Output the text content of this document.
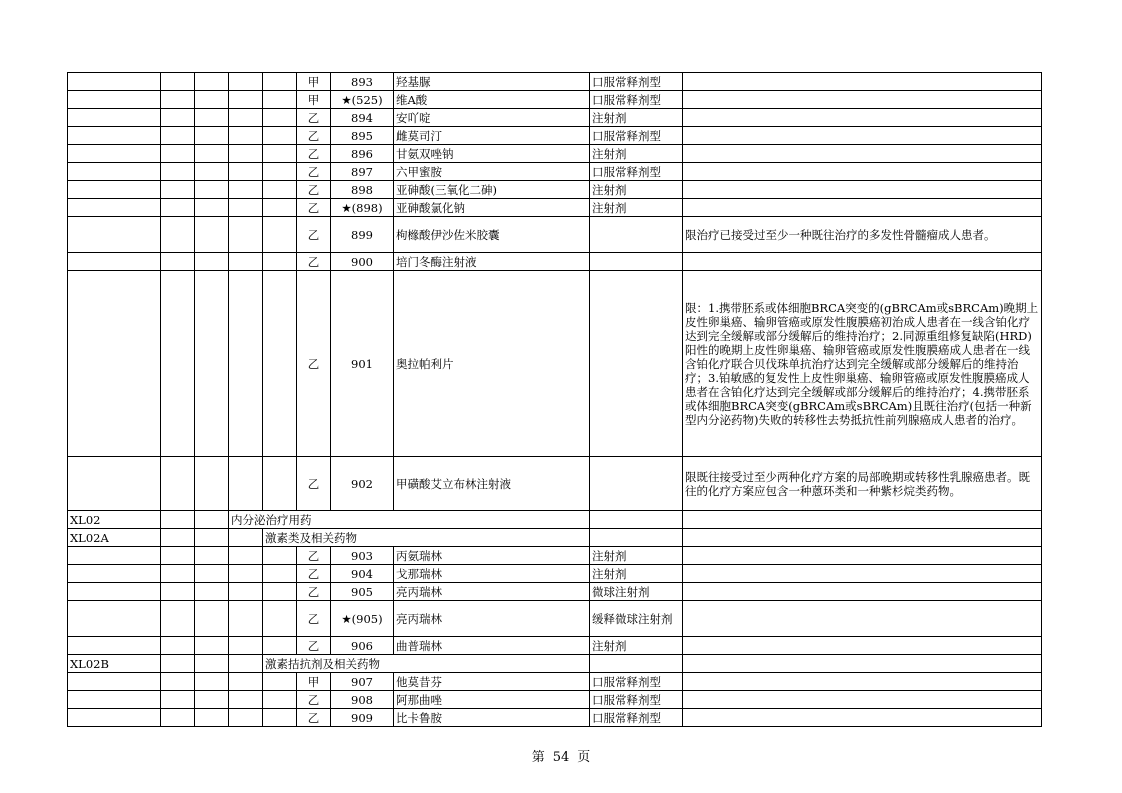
					甲	893	羟基脲	口服常释剂型		
					甲	★(525)	维A酸	口服常释剂型		
					乙	894	安吖啶	注射剂		
					乙	895	雌莫司汀	口服常释剂型		
					乙	896	甘氨双唑钠	注射剂		
					乙	897	六甲蜜胺	口服常释剂型		
					乙	898	亚砷酸(三氧化二砷)	注射剂		
					乙	★(898)	亚砷酸氯化钠	注射剂		
					乙	899	枸橼酸伊沙佐米胶囊		限治疗已接受过至少一种既往治疗的多发性骨髓瘤成人患者。	
					乙	900	培门冬酶注射液			
					乙	901	奥拉帕利片		限：1.携带胚系或体细胞BRCA突变的(gBRCAm或sBRCAm)晚期上皮性卵巢癌、输卵管癌或原发性腹膜癌初治成人患者在一线含铂化疗达到完全缓解或部分缓解后的维持治疗；2.同源重组修复缺陷(HRD)阳性的晚期上皮性卵巢癌、输卵管癌或原发性腹膜癌成人患者在一线含铂化疗联合贝伐珠单抗治疗达到完全缓解或部分缓解后的维持治疗；3.铂敏感的复发性上皮性卵巢癌、输卵管癌或原发性腹膜癌成人患者在含铂化疗达到完全缓解或部分缓解后的维持治疗；4.携带胚系或体细胞BRCA突变(gBRCAm或sBRCAm)且既往治疗(包括一种新型内分泌药物)失败的转移性去势抵抗性前列腺癌成人患者的治疗。	
					乙	902	甲磺酸艾立布林注射液		限既往接受过至少两种化疗方案的局部晚期或转移性乳腺癌患者。既往的化疗方案应包含一种蒽环类和一种紫杉烷类药物。	
XL02			内分泌治疗用药							
XL02A				激素类及相关药物						
					乙	903	丙氨瑞林	注射剂		
					乙	904	戈那瑞林	注射剂		
					乙	905	亮丙瑞林	微球注射剂		
					乙	★(905)	亮丙瑞林	缓释微球注射剂		
					乙	906	曲普瑞林	注射剂		
XL02B				激素拮抗剂及相关药物						
					甲	907	他莫昔芬	口服常释剂型		
					乙	908	阿那曲唑	口服常释剂型		
					乙	909	比卡鲁胺	口服常释剂型		
第 54 页
